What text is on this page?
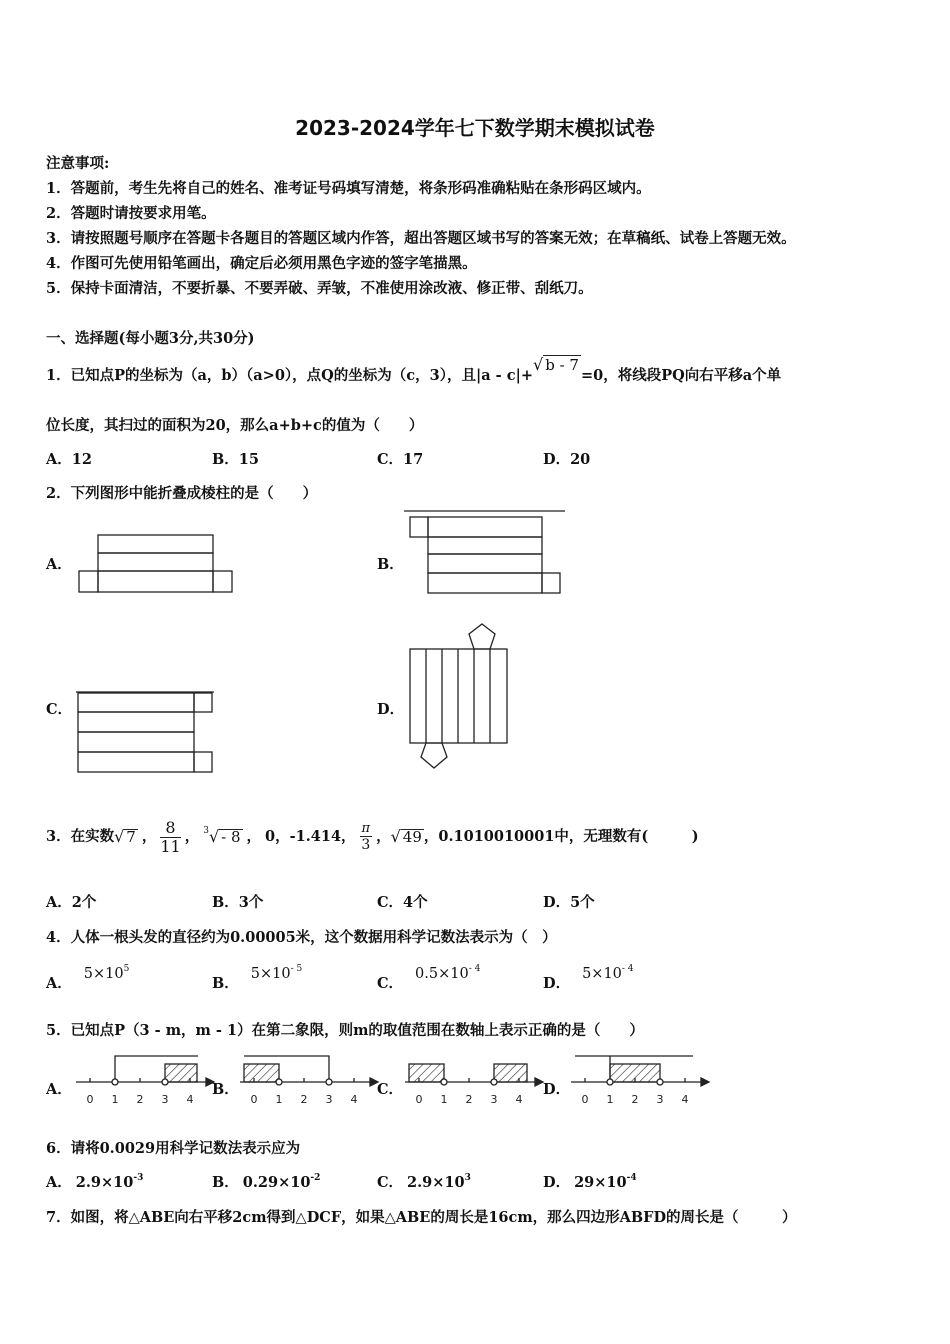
2023-2024学年七下数学期末模拟试卷
注意事项:
1．答题前，考生先将自己的姓名、准考证号码填写清楚，将条形码准确粘贴在条形码区域内。
2．答题时请按要求用笔。
3．请按照题号顺序在答题卡各题目的答题区域内作答，超出答题区域书写的答案无效；在草稿纸、试卷上答题无效。
4．作图可先使用铅笔画出，确定后必须用黑色字迹的签字笔描黑。
5．保持卡面清洁，不要折暴、不要弄破、弄皱，不准使用涂改液、修正带、刮纸刀。
一、选择题(每小题3分,共30分)
1．已知点P的坐标为（a，b）（a>0），点Q的坐标为（c，3），且|a - c|+√ b - 7=0，将线段PQ向右平移a个单
位长度，其扫过的面积为20，那么a+b+c的值为（　　）
A．12	B．15	C．17	D．20
2．下列图形中能折叠成棱柱的是（　　）
A．	B．
C．	D．
3．在实数 √ 7 ， $\frac{8}{11}$ ， 3 √ - 8 ， 0，-1.414， $\frac{\pi}{3}$ ， √ 49 ，0.1010010001中，无理数有(　　　)
A．2个	B．3个	C．4个	D．5个
4．人体一根头发的直径约为0.00005米，这个数据用科学记数法表示为（　）
A．$5\times 10^5$
B．$5\times 10^{- 5}$
C．$0.5\times 10^{- 4}$
D．$5\times 10^{- 4}$
5．已知点P（3 - m，m - 1）在第二象限，则m的取值范围在数轴上表示正确的是（　　）
A．
0 1 2 3 4
B．
0 1 2 3 4
C．
0 1 2 3 4
D．
0 1 2 3 4
6．请将0.0029用科学记数法表示应为
A． $2.9\times 10^{-3}$	B． $0.29\times 10^{-2}$	C． $2.9\times 10^3$	D． $29\times 10^{-4}$
7．如图，将△ABE向右平移2cm得到△DCF，如果△ABE的周长是16cm，那么四边形ABFD的周长是（　　　）
